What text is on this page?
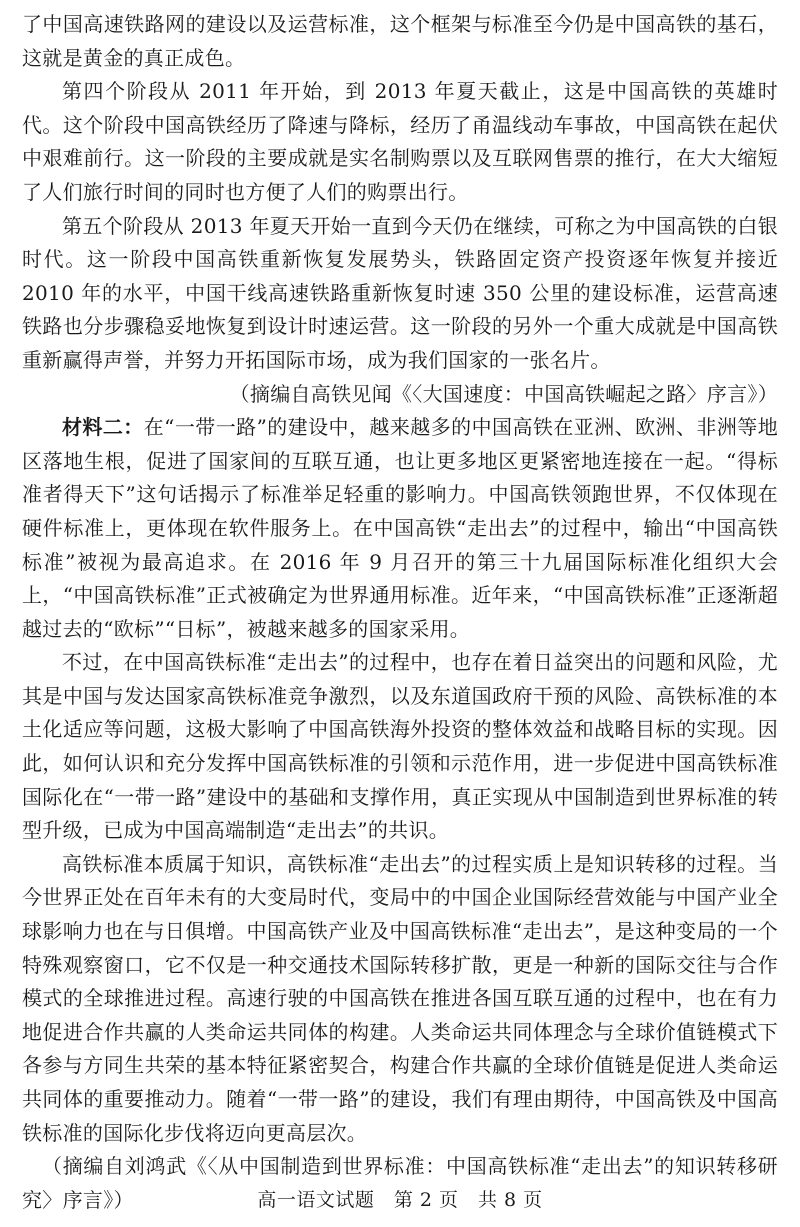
了中国高速铁路网的建设以及运营标准，这个框架与标准至今仍是中国高铁的基石，这就是黄金的真正成色。

第四个阶段从 2011 年开始，到 2013 年夏天截止，这是中国高铁的英雄时代。这个阶段中国高铁经历了降速与降标，经历了甬温线动车事故，中国高铁在起伏中艰难前行。这一阶段的主要成就是实名制购票以及互联网售票的推行，在大大缩短了人们旅行时间的同时也方便了人们的购票出行。

第五个阶段从 2013 年夏天开始一直到今天仍在继续，可称之为中国高铁的白银时代。这一阶段中国高铁重新恢复发展势头，铁路固定资产投资逐年恢复并接近 2010 年的水平，中国干线高速铁路重新恢复时速 350 公里的建设标准，运营高速铁路也分步骤稳妥地恢复到设计时速运营。这一阶段的另外一个重大成就是中国高铁重新赢得声誉，并努力开拓国际市场，成为我们国家的一张名片。

（摘编自高铁见闻《〈大国速度：中国高铁崛起之路〉序言》）

材料二：在“一带一路”的建设中，越来越多的中国高铁在亚洲、欧洲、非洲等地区落地生根，促进了国家间的互联互通，也让更多地区更紧密地连接在一起。“得标准者得天下”这句话揭示了标准举足轻重的影响力。中国高铁领跑世界，不仅体现在硬件标准上，更体现在软件服务上。在中国高铁“走出去”的过程中，输出“中国高铁标准”被视为最高追求。在 2016 年 9 月召开的第三十九届国际标准化组织大会上，“中国高铁标准”正式被确定为世界通用标准。近年来，“中国高铁标准”正逐渐超越过去的“欧标”“日标”，被越来越多的国家采用。

不过，在中国高铁标准“走出去”的过程中，也存在着日益突出的问题和风险，尤其是中国与发达国家高铁标准竞争激烈，以及东道国政府干预的风险、高铁标准的本土化适应等问题，这极大影响了中国高铁海外投资的整体效益和战略目标的实现。因此，如何认识和充分发挥中国高铁标准的引领和示范作用，进一步促进中国高铁标准国际化在“一带一路”建设中的基础和支撑作用，真正实现从中国制造到世界标准的转型升级，已成为中国高端制造“走出去”的共识。

高铁标准本质属于知识，高铁标准“走出去”的过程实质上是知识转移的过程。当今世界正处在百年未有的大变局时代，变局中的中国企业国际经营效能与中国产业全球影响力也在与日俱增。中国高铁产业及中国高铁标准“走出去”，是这种变局的一个特殊观察窗口，它不仅是一种交通技术国际转移扩散，更是一种新的国际交往与合作模式的全球推进过程。高速行驶的中国高铁在推进各国互联互通的过程中，也在有力地促进合作共赢的人类命运共同体的构建。人类命运共同体理念与全球价值链模式下各参与方同生共荣的基本特征紧密契合，构建合作共赢的全球价值链是促进人类命运共同体的重要推动力。随着“一带一路”的建设，我们有理由期待，中国高铁及中国高铁标准的国际化步伐将迈向更高层次。

（摘编自刘鸿武《〈从中国制造到世界标准：中国高铁标准“走出去”的知识转移研究〉序言》）	高一语文试题　第 2 页　共 8 页
